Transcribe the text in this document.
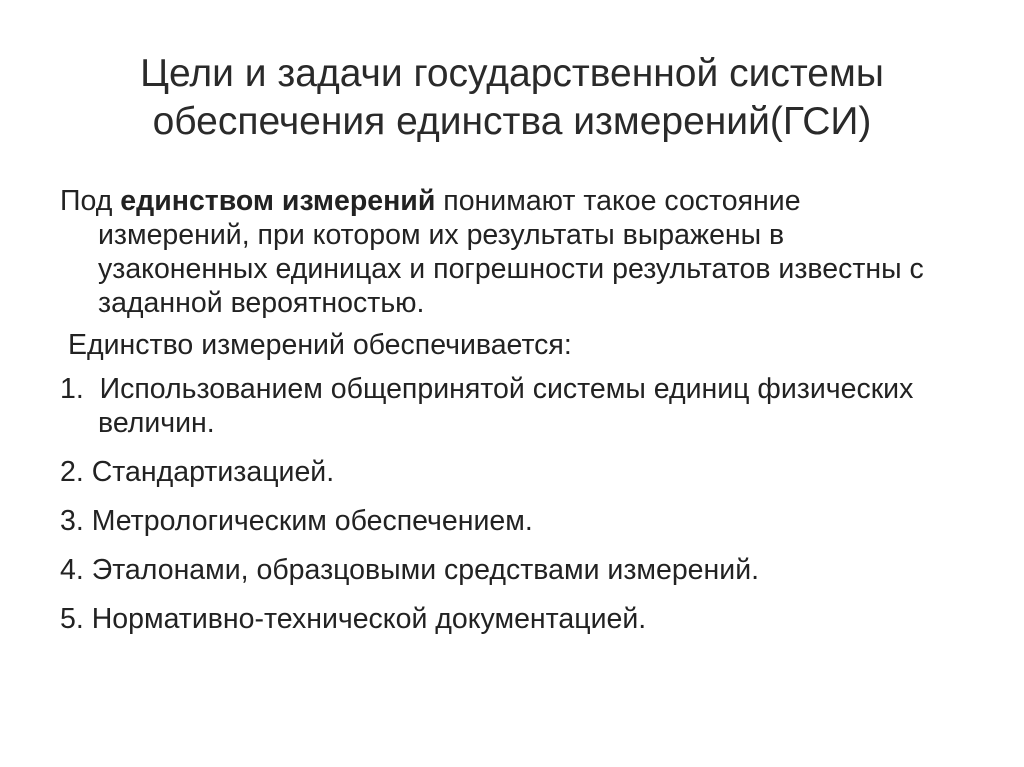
Цели и задачи государственной системы
обеспечения единства измерений(ГСИ)

Под единством измерений понимают такое состояние измерений, при котором их результаты выражены в узаконенных единицах и погрешности результатов известны с заданной вероятностью.

Единство измерений обеспечивается:

1. Использованием общепринятой системы единиц физических величин.
2. Стандартизацией.
3. Метрологическим обеспечением.
4. Эталонами, образцовыми средствами измерений.
5. Нормативно-технической документацией.
